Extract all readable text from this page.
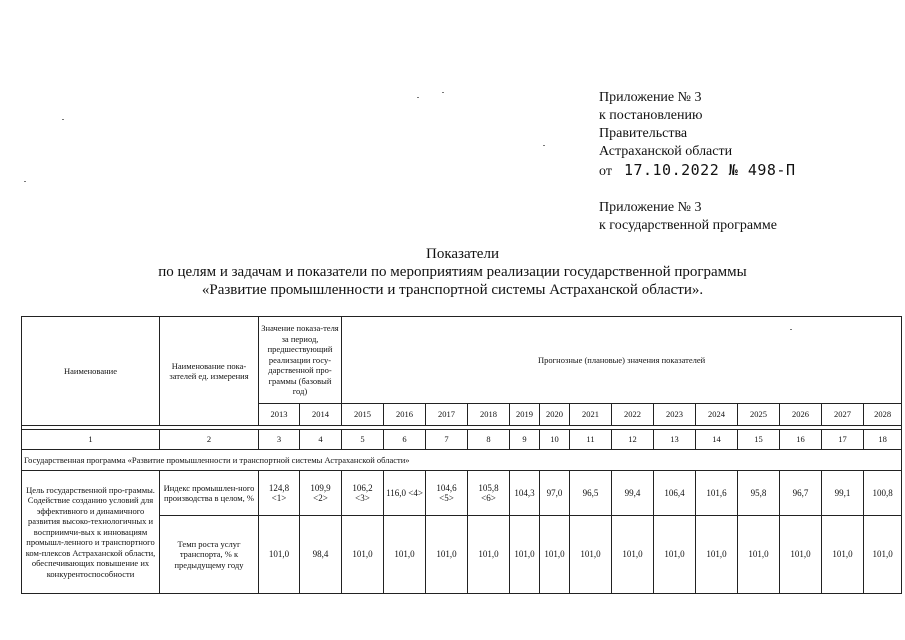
Приложение № 3
к постановлению
Правительства
Астраханской области
от 17.10.2022 № 498-П
Приложение № 3
к государственной программе
Показатели
по целям и задачам и показатели по мероприятиям реализации государственной программы
«Развитие промышленности и транспортной системы Астраханской области».
Наименование	Наименование пока-зателей ед. измерения	Значение показа-теля за период, предшествующий реализации госу-дарственной про-граммы (базовый год)		Прогнозные (плановые) значения показателей													
		2013	2014	2015	2016	2017	2018	2019	2020	2021	2022	2023	2024	2025	2026	2027	2028

1	2	3	4	5	6	7	8	9	10	11	12	13	14	15	16	17	18
Государственная программа «Развитие промышленности и транспортной системы Астраханской области»																	
Цель государственной про-граммы. Содействие созданию условий для эффективного и динамичного развития высоко-технологичных и восприимчи-вых к инновациям промышл-ленного и транспортного ком-плексов Астраханской области, обеспечивающих повышение их конкурентоспособности	Индекс промышлен-ного производства в целом, %	124,8 <1>	109,9 <2>	106,2 <3>	116,0 <4>	104,6 <5>	105,8 <6>	104,3	97,0	96,5	99,4	106,4	101,6	95,8	96,7	99,1	100,8
	Темп роста услуг транспорта, % к предыдущему году	101,0	98,4	101,0	101,0	101,0	101,0	101,0	101,0	101,0	101,0	101,0	101,0	101,0	101,0	101,0	101,0
